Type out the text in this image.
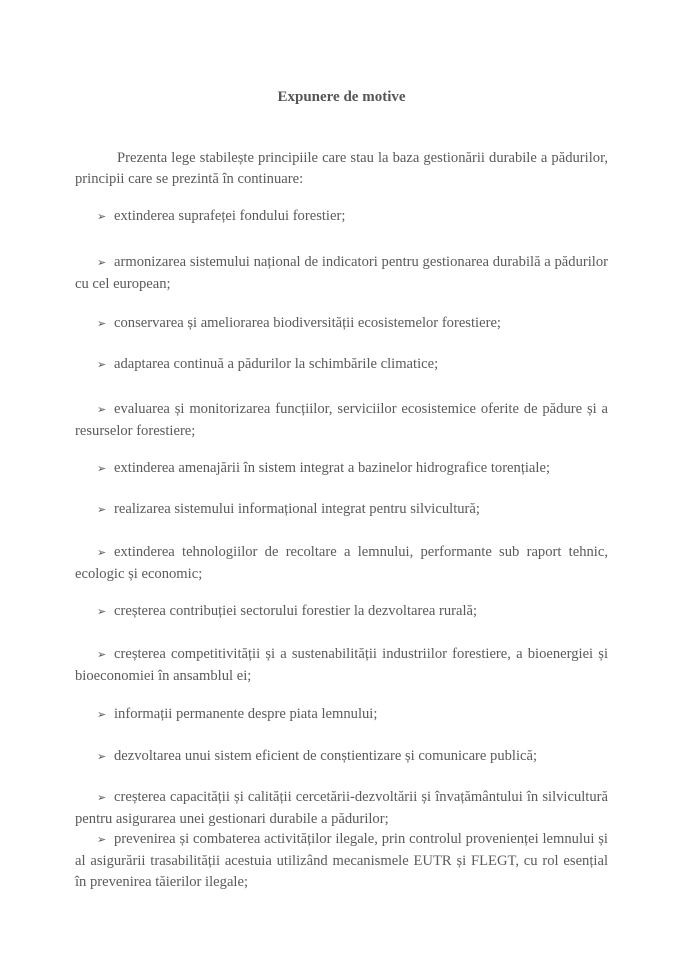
Expunere de motive
Prezenta lege stabilește principiile care stau la baza gestionării durabile a pădurilor, principii care se prezintă în continuare:
➢ extinderea suprafeței fondului forestier;
➢ armonizarea sistemului național de indicatori pentru gestionarea durabilă a pădurilor cu cel european;
➢ conservarea și ameliorarea biodiversității ecosistemelor forestiere;
➢ adaptarea continuă a pădurilor la schimbările climatice;
➢ evaluarea și monitorizarea funcțiilor, serviciilor ecosistemice oferite de pădure și a resurselor forestiere;
➢ extinderea amenajării în sistem integrat a bazinelor hidrografice torențiale;
➢ realizarea sistemului informațional integrat pentru silvicultură;
➢ extinderea tehnologiilor de recoltare a lemnului, performante sub raport tehnic, ecologic și economic;
➢ creșterea contribuției sectorului forestier la dezvoltarea rurală;
➢ creșterea competitivității și a sustenabilității industriilor forestiere, a bioenergiei și bioeconomiei în ansamblul ei;
➢ informații permanente despre piata lemnului;
➢ dezvoltarea unui sistem eficient de conștientizare și comunicare publică;
➢ creșterea capacității și calității cercetării-dezvoltării și învațământului în silvicultură pentru asigurarea unei gestionari durabile a pădurilor;
➢ prevenirea și combaterea activităților ilegale, prin controlul provenienței lemnului și al asigurării trasabilității acestuia utilizând mecanismele EUTR și FLEGT, cu rol esențial în prevenirea tăierilor ilegale;
